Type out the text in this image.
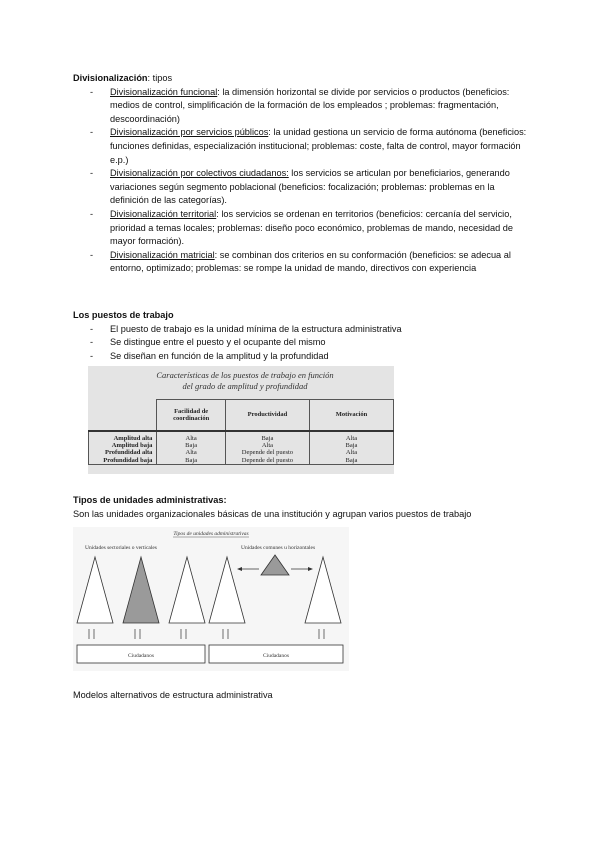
Divisionalización: tipos
- Divisionalización funcional: la dimensión horizontal se divide por servicios o productos (beneficios: medios de control, simplificación de la formación de los empleados ; problemas: fragmentación, descoordinación)
- Divisionalización por servicios públicos: la unidad gestiona un servicio de forma autónoma (beneficios: funciones definidas, especialización institucional; problemas: coste, falta de control, mayor formación e.p.)
- Divisionalización por colectivos ciudadanos: los servicios se articulan por beneficiarios, generando variaciones según segmento poblacional (beneficios: focalización; problemas: problemas en la definición de las categorías).
- Divisionalización territorial: los servicios se ordenan en territorios (beneficios: cercanía del servicio, prioridad a temas locales; problemas: diseño poco económico, problemas de mando, necesidad de mayor formación).
- Divisionalización matricial: se combinan dos criterios en su conformación (beneficios: se adecua al entorno, optimizado; problemas: se rompe la unidad de mando, directivos con experiencia
Los puestos de trabajo
- El puesto de trabajo es la unidad mínima de la estructura administrativa
- Se distingue entre el puesto y el ocupante del mismo
- Se diseñan en función de la amplitud y la profundidad
Características de los puestos de trabajo en función
del grado de amplitud y profundidad
	Facilidad de coordinación	Productividad	Motivación
Amplitud alta	Alta	Baja	Alta
Amplitud baja	Baja	Alta	Baja
Profundidad alta	Alta	Depende del puesto	Alta
Profundidad baja	Baja	Depende del puesto	Baja
Tipos de unidades administrativas:
Son las unidades organizacionales básicas de una institución y agrupan varios puestos de trabajo
Tipos de unidades administrativas
Unidades sectoriales o verticales	Unidades comunes u horizontales
Ciudadanos	Ciudadanos
Modelos alternativos de estructura administrativa
